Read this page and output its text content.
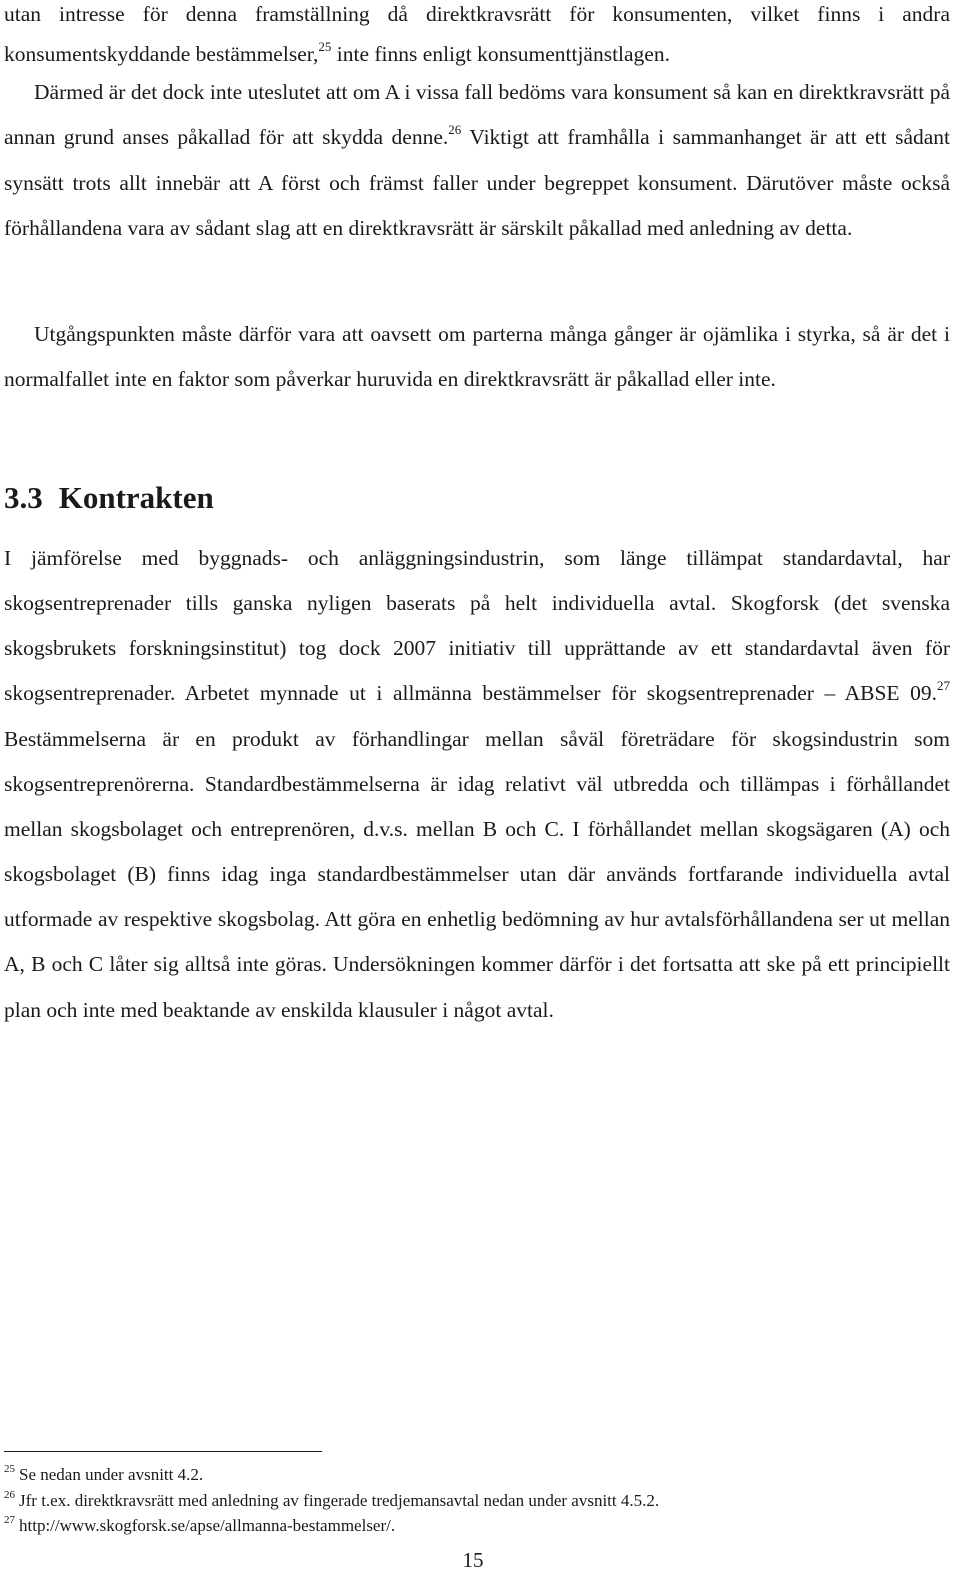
utan intresse för denna framställning då direktkravsrätt för konsumenten, vilket finns i andra konsumentskyddande bestämmelser,$^{25}$ inte finns enligt konsumenttjänstlagen.

Därmed är det dock inte uteslutet att om A i vissa fall bedöms vara konsument så kan en direktkravsrätt på annan grund anses påkallad för att skydda denne.$^{26}$ Viktigt att framhålla i sammanhanget är att ett sådant synsätt trots allt innebär att A först och främst faller under begreppet konsument. Därutöver måste också förhållandena vara av sådant slag att en direktkravsrätt är särskilt påkallad med anledning av detta.

Utgångspunkten måste därför vara att oavsett om parterna många gånger är ojämlika i styrka, så är det i normalfallet inte en faktor som påverkar huruvida en direktkravsrätt är påkallad eller inte.

3.3 Kontrakten

I jämförelse med byggnads- och anläggningsindustrin, som länge tillämpat standardavtal, har skogsentreprenader tills ganska nyligen baserats på helt individuella avtal. Skogforsk (det svenska skogsbrukets forskningsinstitut) tog dock 2007 initiativ till upprättande av ett standardavtal även för skogsentreprenader. Arbetet mynnade ut i allmänna bestämmelser för skogsentreprenader – ABSE 09.27 Bestämmelserna är en produkt av förhandlingar mellan såväl företrädare för skogsindustrin som skogsentreprenörerna. Standardbestämmelserna är idag relativt väl utbredda och tillämpas i förhållandet mellan skogsbolaget och entreprenören, d.v.s. mellan B och C. I förhållandet mellan skogsägaren (A) och skogsbolaget (B) finns idag inga standardbestämmelser utan där används fortfarande individuella avtal utformade av respektive skogsbolag. Att göra en enhetlig bedömning av hur avtalsförhållandena ser ut mellan A, B och C låter sig alltså inte göras. Undersökningen kommer därför i det fortsatta att ske på ett principiellt plan och inte med beaktande av enskilda klausuler i något avtal.

$^{25}$ Se nedan under avsnitt 4.2.

$^{26}$ Jfr t.ex. direktkravsrätt med anledning av fingerade tredjemansavtal nedan under avsnitt 4.5.2.

$^{27}$ http://www.skogforsk.se/apse/allmanna-bestammelser/.

15
